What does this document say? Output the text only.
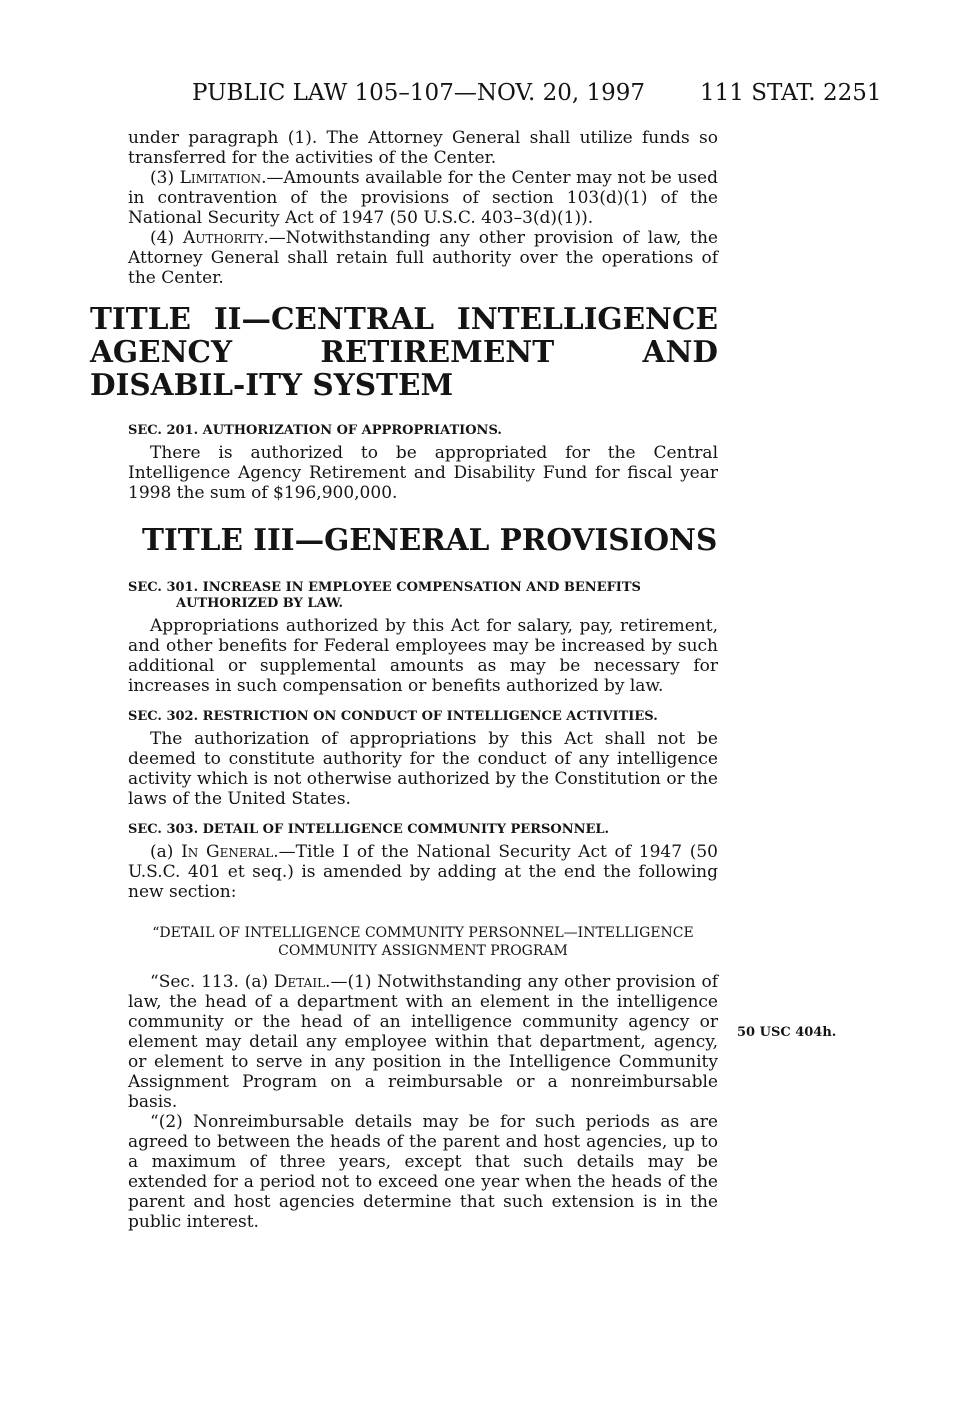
PUBLIC LAW 105–107—NOV. 20, 1997 111 STAT. 2251

under paragraph (1). The Attorney General shall utilize funds so transferred for the activities of the Center.

(3) Limitation.—Amounts available for the Center may not be used in contravention of the provisions of section 103(d)(1) of the National Security Act of 1947 (50 U.S.C. 403–3(d)(1)).

(4) Authority.—Notwithstanding any other provision of law, the Attorney General shall retain full authority over the operations of the Center.

TITLE II—CENTRAL INTELLIGENCE AGENCY RETIREMENT AND DISABIL-ITY SYSTEM
SEC. 201. AUTHORIZATION OF APPROPRIATIONS.

There is authorized to be appropriated for the Central Intelligence Agency Retirement and Disability Fund for fiscal year 1998 the sum of $196,900,000.

TITLE III—GENERAL PROVISIONS
SEC. 301. INCREASE IN EMPLOYEE COMPENSATION AND BENEFITS
AUTHORIZED BY LAW.

Appropriations authorized by this Act for salary, pay, retirement, and other benefits for Federal employees may be increased by such additional or supplemental amounts as may be necessary for increases in such compensation or benefits authorized by law.

SEC. 302. RESTRICTION ON CONDUCT OF INTELLIGENCE ACTIVITIES.

The authorization of appropriations by this Act shall not be deemed to constitute authority for the conduct of any intelligence activity which is not otherwise authorized by the Constitution or the laws of the United States.

SEC. 303. DETAIL OF INTELLIGENCE COMMUNITY PERSONNEL.

(a) In General.—Title I of the National Security Act of 1947 (50 U.S.C. 401 et seq.) is amended by adding at the end the following new section:

“DETAIL OF INTELLIGENCE COMMUNITY PERSONNEL—INTELLIGENCE
COMMUNITY ASSIGNMENT PROGRAM

“Sec. 113. (a) Detail.—(1) Notwithstanding any other provision of law, the head of a department with an element in the intelligence community or the head of an intelligence community agency or element may detail any employee within that department, agency, or element to serve in any position in the Intelligence Community Assignment Program on a reimbursable or a nonreimbursable basis.

“(2) Nonreimbursable details may be for such periods as are agreed to between the heads of the parent and host agencies, up to a maximum of three years, except that such details may be extended for a period not to exceed one year when the heads of the parent and host agencies determine that such extension is in the public interest.

50 USC 404h.
